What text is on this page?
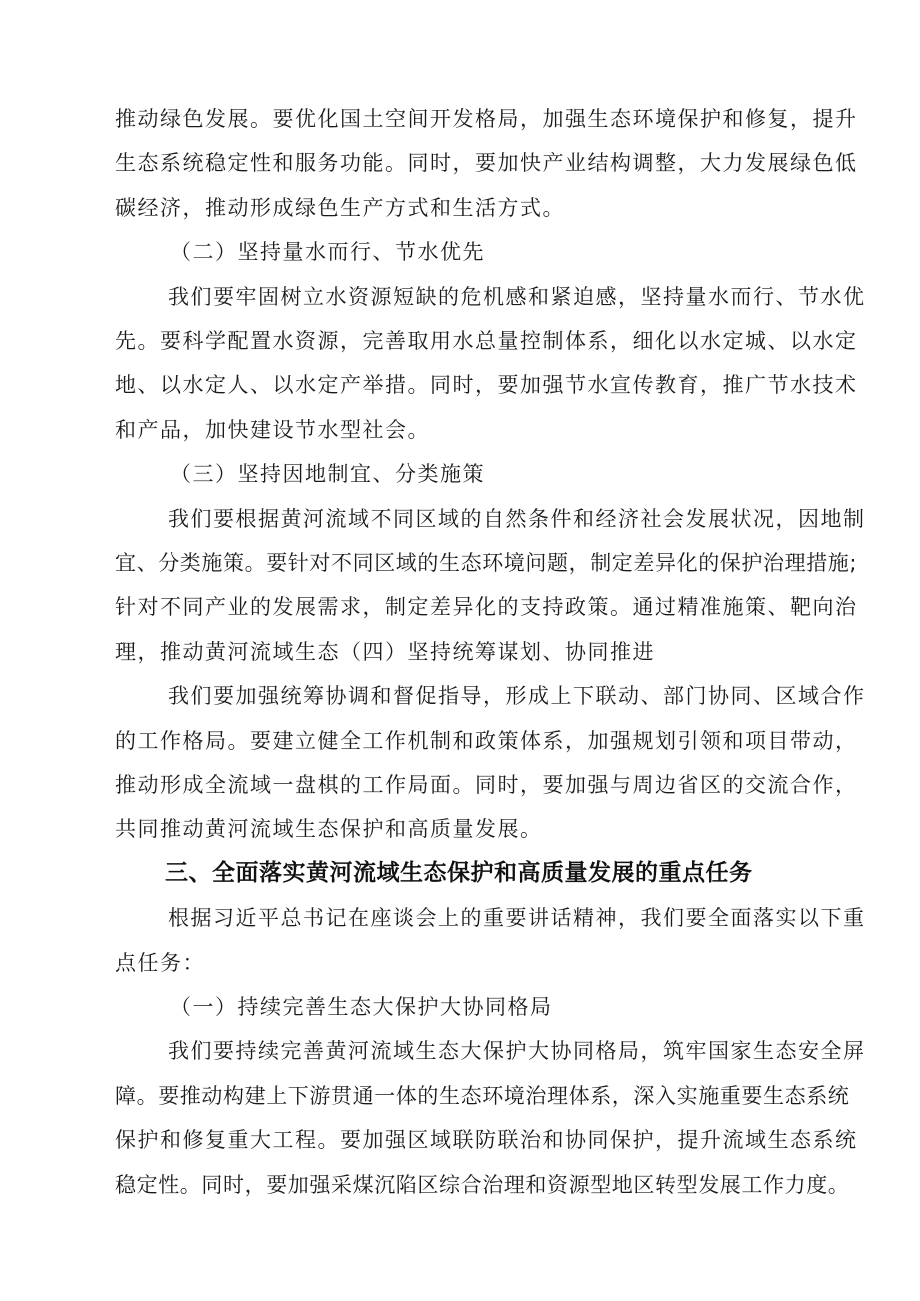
推动绿色发展。要优化国土空间开发格局，加强生态环境保护和修复，提升
生态系统稳定性和服务功能。同时，要加快产业结构调整，大力发展绿色低
碳经济，推动形成绿色生产方式和生活方式。
（二）坚持量水而行、节水优先
我们要牢固树立水资源短缺的危机感和紧迫感，坚持量水而行、节水优
先。要科学配置水资源，完善取用水总量控制体系，细化以水定城、以水定
地、以水定人、以水定产举措。同时，要加强节水宣传教育，推广节水技术
和产品，加快建设节水型社会。
（三）坚持因地制宜、分类施策
我们要根据黄河流域不同区域的自然条件和经济社会发展状况，因地制
宜、分类施策。要针对不同区域的生态环境问题，制定差异化的保护治理措施;
针对不同产业的发展需求，制定差异化的支持政策。通过精准施策、靶向治
理，推动黄河流域生态（四）坚持统筹谋划、协同推进
我们要加强统筹协调和督促指导，形成上下联动、部门协同、区域合作
的工作格局。要建立健全工作机制和政策体系，加强规划引领和项目带动，
推动形成全流域一盘棋的工作局面。同时，要加强与周边省区的交流合作，
共同推动黄河流域生态保护和高质量发展。
三、全面落实黄河流域生态保护和高质量发展的重点任务
根据习近平总书记在座谈会上的重要讲话精神，我们要全面落实以下重
点任务：
（一）持续完善生态大保护大协同格局
我们要持续完善黄河流域生态大保护大协同格局，筑牢国家生态安全屏
障。要推动构建上下游贯通一体的生态环境治理体系，深入实施重要生态系统
保护和修复重大工程。要加强区域联防联治和协同保护，提升流域生态系统
稳定性。同时，要加强采煤沉陷区综合治理和资源型地区转型发展工作力度。
